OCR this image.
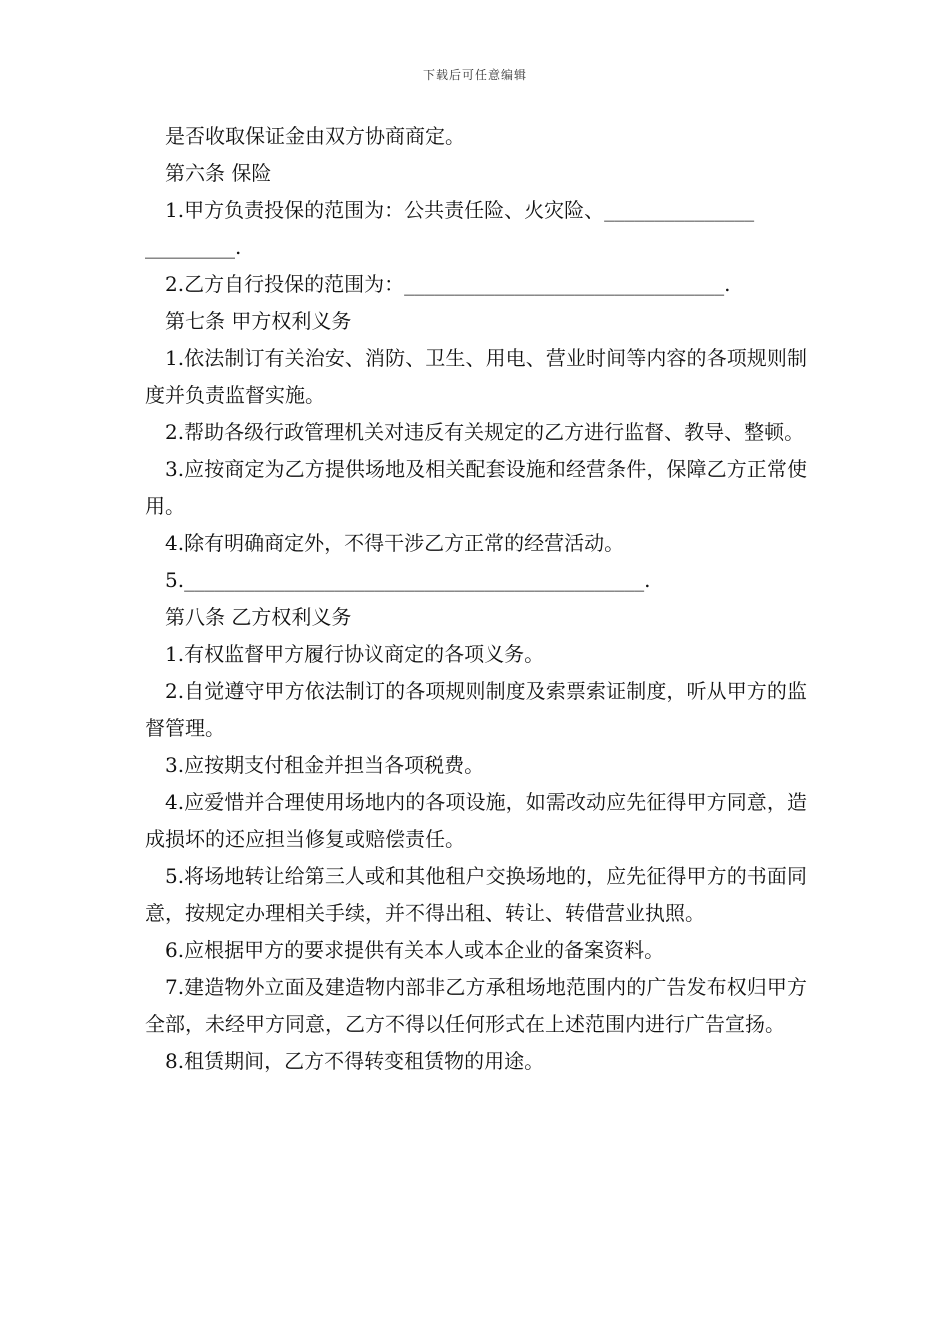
下载后可任意编辑

是否收取保证金由双方协商商定。

第六条 保险

1.甲方负责投保的范围为：公共责任险、火灾险、_______________

_________.

2.乙方自行投保的范围为：________________________________.

第七条 甲方权利义务

1.依法制订有关治安、消防、卫生、用电、营业时间等内容的各项规则制度并负责监督实施。

2.帮助各级行政管理机关对违反有关规定的乙方进行监督、教导、整顿。

3.应按商定为乙方提供场地及相关配套设施和经营条件，保障乙方正常使用。

4.除有明确商定外，不得干涉乙方正常的经营活动。

5.______________________________________________.

第八条 乙方权利义务

1.有权监督甲方履行协议商定的各项义务。

2.自觉遵守甲方依法制订的各项规则制度及索票索证制度，听从甲方的监督管理。

3.应按期支付租金并担当各项税费。

4.应爱惜并合理使用场地内的各项设施，如需改动应先征得甲方同意，造成损坏的还应担当修复或赔偿责任。

5.将场地转让给第三人或和其他租户交换场地的，应先征得甲方的书面同意，按规定办理相关手续，并不得出租、转让、转借营业执照。

6.应根据甲方的要求提供有关本人或本企业的备案资料。

7.建造物外立面及建造物内部非乙方承租场地范围内的广告发布权归甲方全部，未经甲方同意，乙方不得以任何形式在上述范围内进行广告宣扬。

8.租赁期间，乙方不得转变租赁物的用途。
